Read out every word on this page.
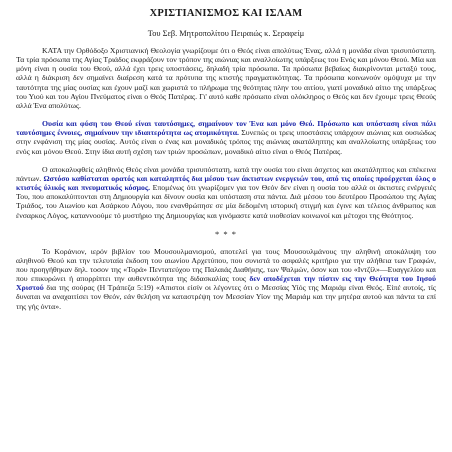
ΧΡΙΣΤΙΑΝΙΣΜΟΣ ΚΑΙ ΙΣΛΑΜ
Του Σεβ. Μητροπολίτου Πειραιώς κ. Σεραφείμ

ΚΑΤΑ την Ορθόδοξο Χριστιανική Θεολογία γνωρίζουμε ότι ο Θεός είναι απολύτως Ένας, αλλά η μονάδα είναι τρισυπόστατη. Τα τρία πρόσωπα της Αγίας Τριάδος εκφράζουν τον τρόπον της αιώνιας και αναλλοίωτης υπάρξεως του Ενός και μόνου Θεού. Μία και μόνη είναι η ουσία του Θεού, αλλά έχει τρεις υποστάσεις, δηλαδή τρία πρόσωπα. Τα πρόσωπα βεβαίως διακρίνονται μεταξύ τους, αλλά η διάκριση δεν σημαίνει διαίρεση κατά τα πρότυπα της κτιστής πραγματικότητας. Τα πρόσωπα κοινωνούν ομόψυχα με την ταυτότητα της μίας ουσίας και έχουν μαζί και χωριστά το πλήρωμα της θεότητας πλην του αιτίου, γιατί μοναδικό αίτιο της υπάρξεως του Υιού και του Αγίου Πνεύματος είναι ο Θεός Πατέρας. Γι' αυτό καθε πρόσωπο είναι ολόκληρος ο Θεός και δεν έχουμε τρεις Θεούς αλλά Ένα απολύτως.

Ουσία και φύση του Θεού είναι ταυτόσημες, σημαίνουν τον Ένα και μόνο Θεό. Πρόσωπο και υπόσταση είναι πάλι ταυτόσημες έννοιες, σημαίνουν την ιδιαιτερότητα ως ατομικότητα. Συνεπώς οι τρεις υποστάσεις υπάρχουν αιώνιας και ουσιώδως στην ενφάνιση της μίας ουσίας. Αυτός είναι ο ένας και μοναδικός τρόπος της αιώνιας ακατάληπτης και αναλλοίωτης υπάρξεως του ενός και μόνου Θεού. Στην ίδια αυτή σχέση των τριών προσώπων, μοναδικό αίτιο είναι ο Θεός Πατέρας.

Ο αποκαλυφθείς αληθινός Θεός είναι μονάδα τρισυπόστατη, κατά την ουσία του είναι άσχετος και ακατάληπτος και επέκεινα πάντων. Ωστόσο καθίσταται ορατός και καταληπτός δια μέσου των άκτιστων ενεργειών του, από τις οποίες προέρχεται όλος ο κτιστός ύλικός και πνευματικός κόσμος. Επομένως ότι γνωρίζομεν για τον Θεόν δεν είναι η ουσία του αλλά οι άκτιστες ενέργειές Του, που αποκαλύπτονται στη Δημιουργία και δίνουν ουσία και υπόσταση στα πάντα. Διά μέσου του δευτέρου Προσώπου της Αγίας Τριάδος, του Αιωνίου και Ασάρκου Λόγου, που ενανθρώπησε σε μία δεδομένη ιστορική στιγμή και έγινε και τέλειος άνθρωπος και ένσαρκος Λόγος, καταννοούμε τό μυστήριο της Δημιουργίας και γινόμαστε κατά υιοθεσίαν κοινωνοί και μέτοχοι της Θεότητος.

* * *

Το Κοράνιον, ιερόν βιβλίον του Μουσουλμανισμού, αποτελεί για τους Μουσουλμάνους την αληθινή αποκάλυψη του αληθινού Θεού και την τελευταία έκδοση του αιωνίου Αρχετύπου, που συνιστά το ασφαλές κριτήριο για την αλήθεια των Γραφών, που προηγήθηκαν δηλ. τοσον της «Τορά» Πεντατεύχου της Παλαιάς Διαθήκης, των Ψαλμών, όσον και του «Ιντζίλ»—Ευαγγελίου και που επικυρώνει ή απορρίπτει την αυθεντικότητα της διδασκαλίας τους δεν αποδέχεται την πίστιν εις την Θεότητα του Ιησού Χριστού δια της σούρας (Η Τράπεζα 5:19) «Απιστοι είσίν οι λέγοντες ότι ο Μεσσίας Υίός της Μαριάμ είναι Θεός. Είπέ αυτοίς, τίς δυναται να αναχαιτίσει τον Θεόν, εάν θελήση να καταστρέψη τον Μεσσίαν Υίον της Μαριάμ και την μητέρα αυτού και πάντα τα επί της γής όντα».
